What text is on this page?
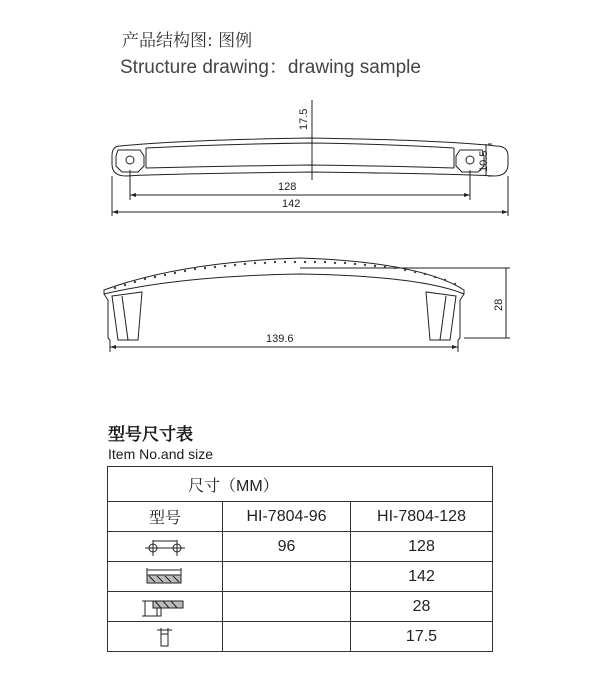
产品结构图: 图例
Structure drawing：drawing sample
17.5
10.5
128
142
28
139.6
型号尺寸表
Item No.and size
尺寸（MM）		
型号	HI-7804-96	HI-7804-128

	96	128

		142

		28

		17.5
